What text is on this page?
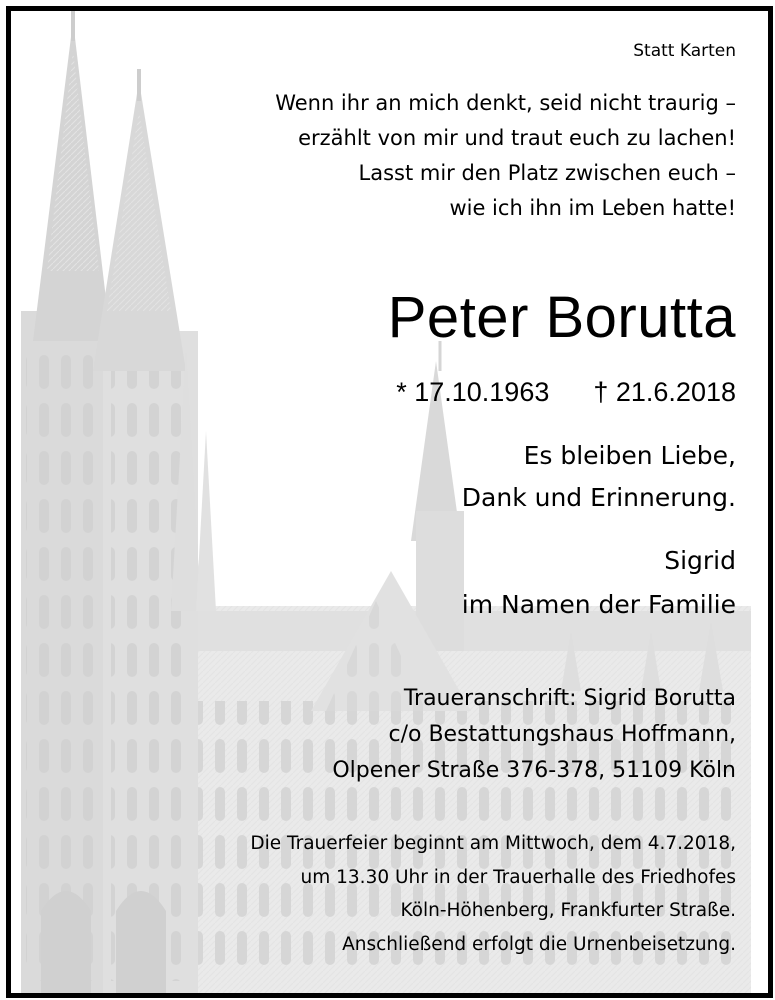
Statt Karten
Wenn ihr an mich denkt, seid nicht traurig –
erzählt von mir und traut euch zu lachen!
Lasst mir den Platz zwischen euch –
wie ich ihn im Leben hatte!
Peter Borutta
* 17.10.1963 † 21.6.2018
Es bleiben Liebe,
Dank und Erinnerung.
Sigrid
im Namen der Familie
Traueranschrift: Sigrid Borutta
c/o Bestattungshaus Hoffmann,
Olpener Straße 376-378, 51109 Köln
Die Trauerfeier beginnt am Mittwoch, dem 4.7.2018,
um 13.30 Uhr in der Trauerhalle des Friedhofes
Köln-Höhenberg, Frankfurter Straße.
Anschließend erfolgt die Urnenbeisetzung.
